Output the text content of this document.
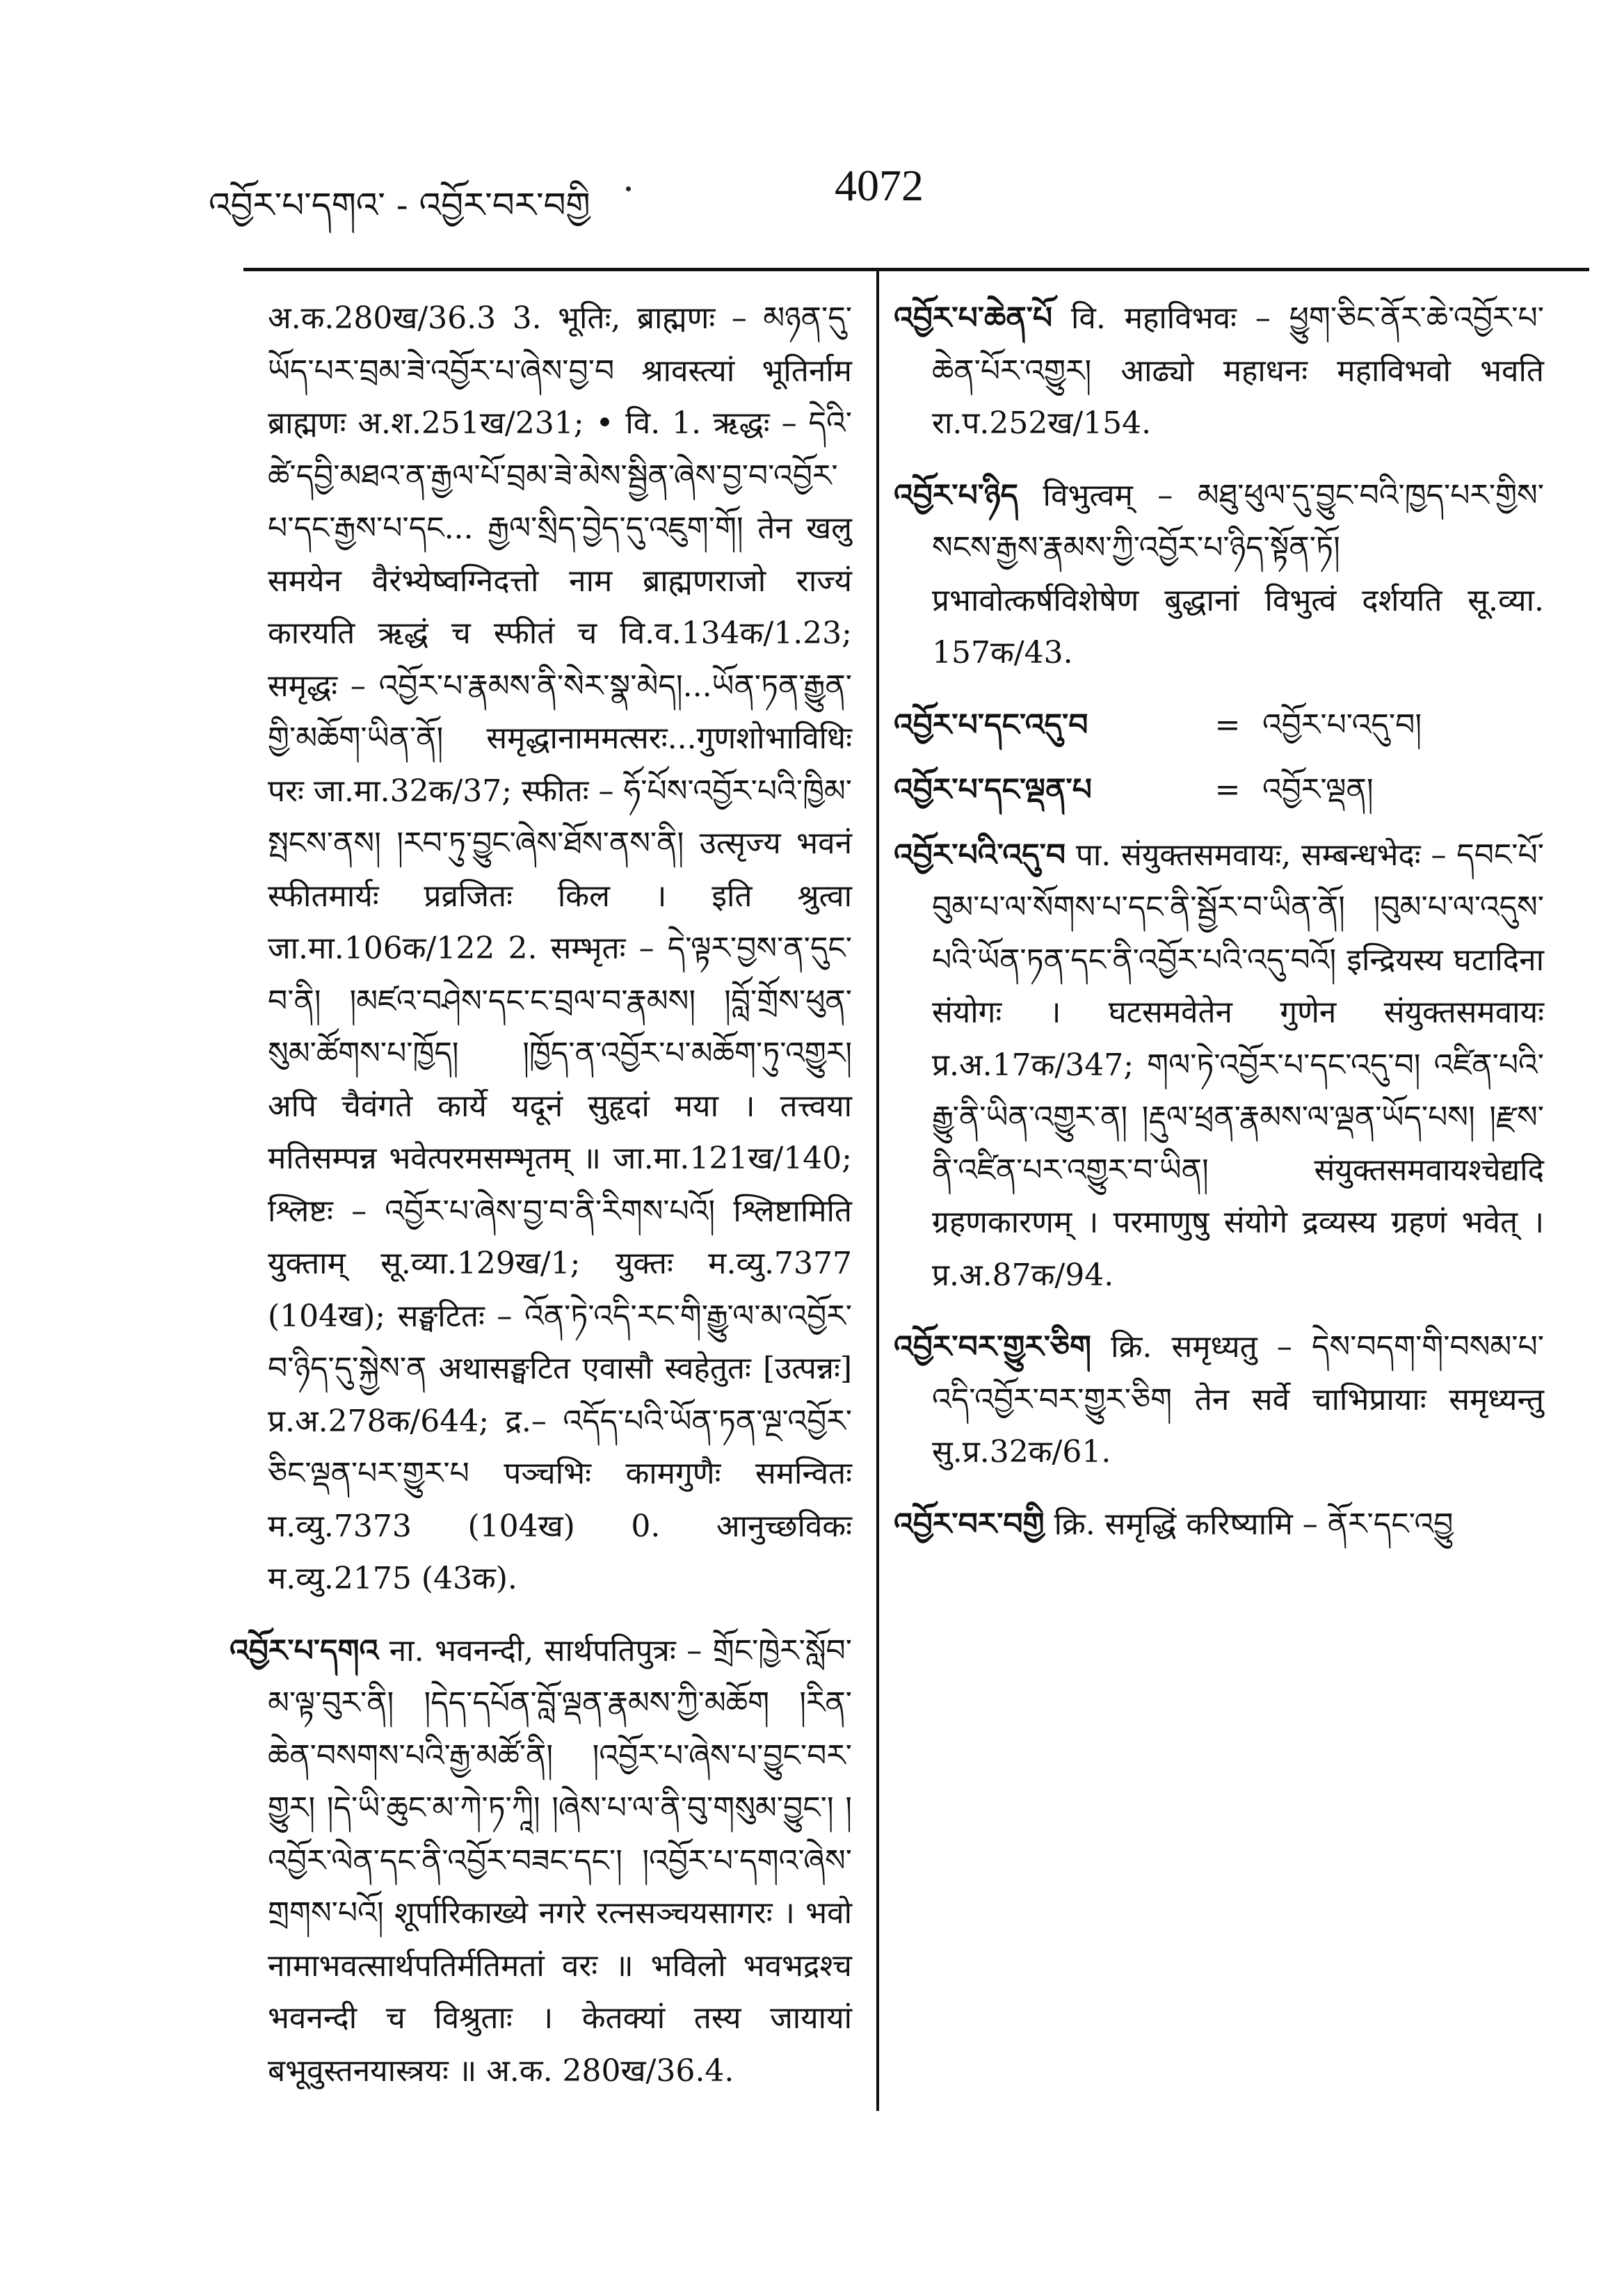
འབྱོར་པ་དགའ་ - འབྱོར་བར་བགྱི	4072

अ.क.280ख/36.3 3. भूतिः, ब्राह्मणः – མཉན་དུ་ཡོད་པར་བྲམ་ཟེ་འབྱོར་པ་ཞེས་བྱ་བ श्रावस्त्यां भूतिर्नाम ब्राह्मणः अ.श.251ख/231; • वि. 1. ऋद्धः – དེའི་ཚེ་དབྱི་མཐའ་ན་རྒྱལ་པོ་བྲམ་ཟེ་མེས་སྦྱིན་ཞེས་བྱ་བ་འབྱོར་པ་དང་རྒྱས་པ་དང... རྒྱལ་སྲིད་བྱེད་དུ་འཇུག་གོ། तेन खलु समयेन वैरंभ्येष्वग्निदत्तो नाम ब्राह्मणराजो राज्यं कारयति ऋद्धं च स्फीतं च वि.व.134क/1.23; समृद्धः – འབྱོར་པ་རྣམས་ནི་སེར་སྣ་མེད།...ཡོན་ཏན་རྒྱུན་གྱི་མཆོག་ཡིན་ནོ། समृद्धानाममत्सरः...गुणशोभाविधिः परः जा.मा.32क/37; स्फीतः – ཧོ་པོས་འབྱོར་པའི་ཁྱིམ་སྤངས་ནས། །རབ་ཏུ་བྱུང་ཞེས་ཐོས་ནས་ནི། उत्सृज्य भवनं स्फीतमार्यः प्रव्रजितः किल । इति श्रुत्वा जा.मा.106क/122 2. सम्भृतः – དེ་ལྟར་བྱས་ན་དུང་བ་ནི། །མཛའ་བཤེས་དང་ང་བྲལ་བ་རྣམས། །བློ་གྲོས་ཕུན་སུམ་ཚོགས་པ་ཁྱོད། །ཁྱོད་ན་འབྱོར་པ་མཆོག་ཏུ་འགྱུར། अपि चैवंगते कार्ये यदूनं सुहृदां मया । तत्त्वया मतिसम्पन्न भवेत्परमसम्भृतम् ॥ जा.मा.121ख/140; श्लिष्टः – འབྱོར་པ་ཞེས་བྱ་བ་ནི་རིགས་པའོ། श्लिष्टामिति युक्ताम् सू.व्या.129ख/1; युक्तः म.व्यु.7377 (104ख); सङ्घटितः – འོན་ཏེ་འདི་རང་གི་རྒྱུ་ལ་མ་འབྱོར་བ་ཉིད་དུ་སྐྱེས་ན अथासङ्घटित एवासौ स्वहेतुतः [उत्पन्नः] प्र.अ.278क/644; द्र.– འདོད་པའི་ཡོན་ཏན་ལྔ་འབྱོར་ཅིང་ལྡན་པར་གྱུར་པ पञ्चभिः कामगुणैः समन्वितः म.व्यु.7373 (104ख) 0. आनुच्छविकः म.व्यु.2175 (43क).

འབྱོར་པ་དགའ ना. भवनन्दी, सार्थपतिपुत्रः – གྲོང་ཁྱེར་སློབ་མ་ལྟ་བུར་ནི། །དེད་དཔོན་བློ་ལྡན་རྣམས་ཀྱི་མཆོག །རིན་ཆེན་བསགས་པའི་རྒྱ་མཚོ་ནི། །འབྱོར་པ་ཞེས་པ་བྱུང་བར་གྱུར། །དེ་ཡི་ཆུང་མ་ཀེ་ཏ་ཀཱི། །ཞེས་པ་ལ་ནི་བུ་གསུམ་བྱུང་། །འབྱོར་ལེན་དང་ནི་འབྱོར་བཟང་དང་། །འབྱོར་པ་དགའ་ཞེས་གྲགས་པའོ། शूर्पारिकाख्ये नगरे रत्नसञ्चयसागरः । भवो नामाभवत्सार्थपतिर्मतिमतां वरः ॥ भविलो भवभद्रश्च भवनन्दी च विश्रुताः । केतक्यां तस्य जायायां बभूवुस्तनयास्त्रयः ॥ अ.क. 280ख/36.4.

འབྱོར་པ་ཆེན་པོ वि. महाविभवः – ཕྱུག་ཅིང་ནོར་ཆེ་འབྱོར་པ་ཆེན་པོར་འགྱུར། आढ्यो महाधनः महाविभवो भवति रा.प.252ख/154.

འབྱོར་པ་ཉིད विभुत्वम् – མཐུ་ཕུལ་དུ་བྱུང་བའི་ཁྱད་པར་གྱིས་སངས་རྒྱས་རྣམས་ཀྱི་འབྱོར་པ་ཉིད་སྟོན་ཏོ། प्रभावोत्कर्षविशेषेण बुद्धानां विभुत्वं दर्शयति सू.व्या. 157क/43.

འབྱོར་པ་དང་འདུ་བ	= འབྱོར་པ་འདུ་བ།
འབྱོར་པ་དང་ལྡན་པ	= འབྱོར་ལྡན།

འབྱོར་པའི་འདུ་བ पा. संयुक्तसमवायः, सम्बन्धभेदः – དབང་པོ་བུམ་པ་ལ་སོགས་པ་དང་ནི་སྦྱོར་བ་ཡིན་ནོ། །བུམ་པ་ལ་འདུས་པའི་ཡོན་ཏན་དང་ནི་འབྱོར་པའི་འདུ་བའོ། इन्द्रियस्य घटादिना संयोगः । घटसमवेतेन गुणेन संयुक्तसमवायः प्र.अ.17क/347; གལ་ཏེ་འབྱོར་པ་དང་འདུ་བ། འཛིན་པའི་རྒྱུ་ནི་ཡིན་འགྱུར་ན། །རྡུལ་ཕྲན་རྣམས་ལ་ལྡན་ཡོད་པས། །རྫས་ནི་འཛིན་པར་འགྱུར་བ་ཡིན། संयुक्तसमवायश्चेद्यदि ग्रहणकारणम् । परमाणुषु संयोगे द्रव्यस्य ग्रहणं भवेत् । प्र.अ.87क/94.

འབྱོར་བར་གྱུར་ཅིག क्रि. समृध्यतु – དེས་བདག་གི་བསམ་པ་འདི་འབྱོར་བར་གྱུར་ཅིག तेन सर्वे चाभिप्रायाः समृध्यन्तु सु.प्र.32क/61.

འབྱོར་བར་བགྱི क्रि. समृद्धिं करिष्यामि – ནོར་དང་འབྱུ
